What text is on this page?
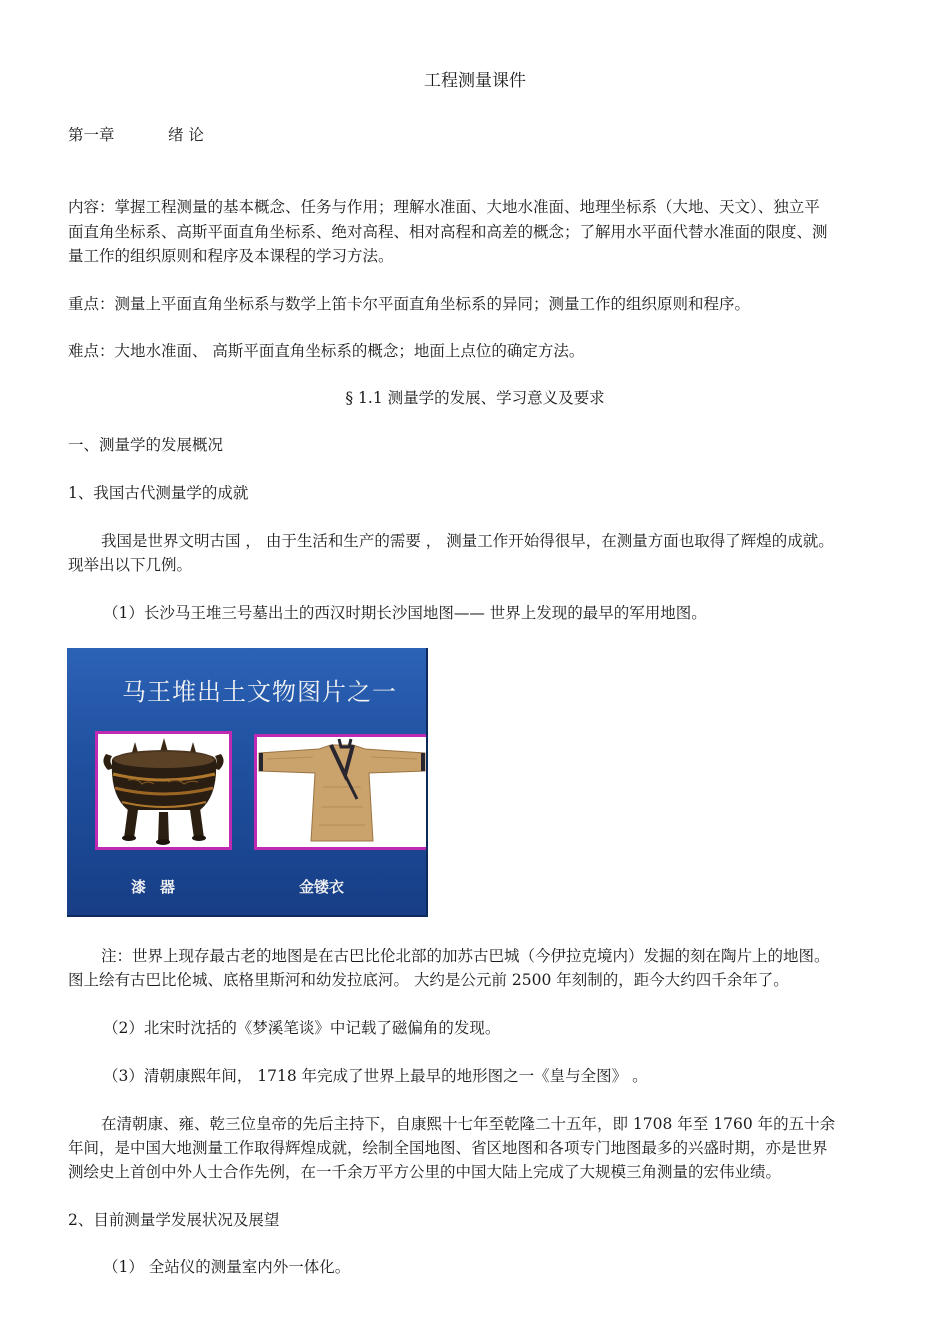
工程测量课件
第一章	绪 论
内容：掌握工程测量的基本概念、任务与作用；理解水准面、大地水准面、地理坐标系（大地、天文）、独立平
面直角坐标系、高斯平面直角坐标系、绝对高程、相对高程和高差的概念；了解用水平面代替水准面的限度、测
量工作的组织原则和程序及本课程的学习方法。
重点：测量上平面直角坐标系与数学上笛卡尔平面直角坐标系的异同；测量工作的组织原则和程序。
难点：大地水准面、 高斯平面直角坐标系的概念；地面上点位的确定方法。
§ 1.1 测量学的发展、学习意义及要求
一、测量学的发展概况
1、我国古代测量学的成就
我国是世界文明古国 ， 由于生活和生产的需要 ， 测量工作开始得很早，在测量方面也取得了辉煌的成就。
现举出以下几例。
（1）长沙马王堆三号墓出土的西汉时期长沙国地图—— 世界上发现的最早的军用地图。
马王堆出土文物图片之一
漆器	金镂衣
注：世界上现存最古老的地图是在古巴比伦北部的加苏古巴城（今伊拉克境内）发掘的刻在陶片上的地图。
图上绘有古巴比伦城、底格里斯河和幼发拉底河。 大约是公元前 2500 年刻制的，距今大约四千余年了。
（2）北宋时沈括的《梦溪笔谈》中记载了磁偏角的发现。
（3）清朝康熙年间， 1718 年完成了世界上最早的地形图之一《皇与全图》 。
在清朝康、雍、乾三位皇帝的先后主持下，自康熙十七年至乾隆二十五年，即 1708 年至 1760 年的五十余
年间，是中国大地测量工作取得辉煌成就，绘制全国地图、省区地图和各项专门地图最多的兴盛时期，亦是世界
测绘史上首创中外人士合作先例，在一千余万平方公里的中国大陆上完成了大规模三角测量的宏伟业绩。
2、目前测量学发展状况及展望
（1） 全站仪的测量室内外一体化。
